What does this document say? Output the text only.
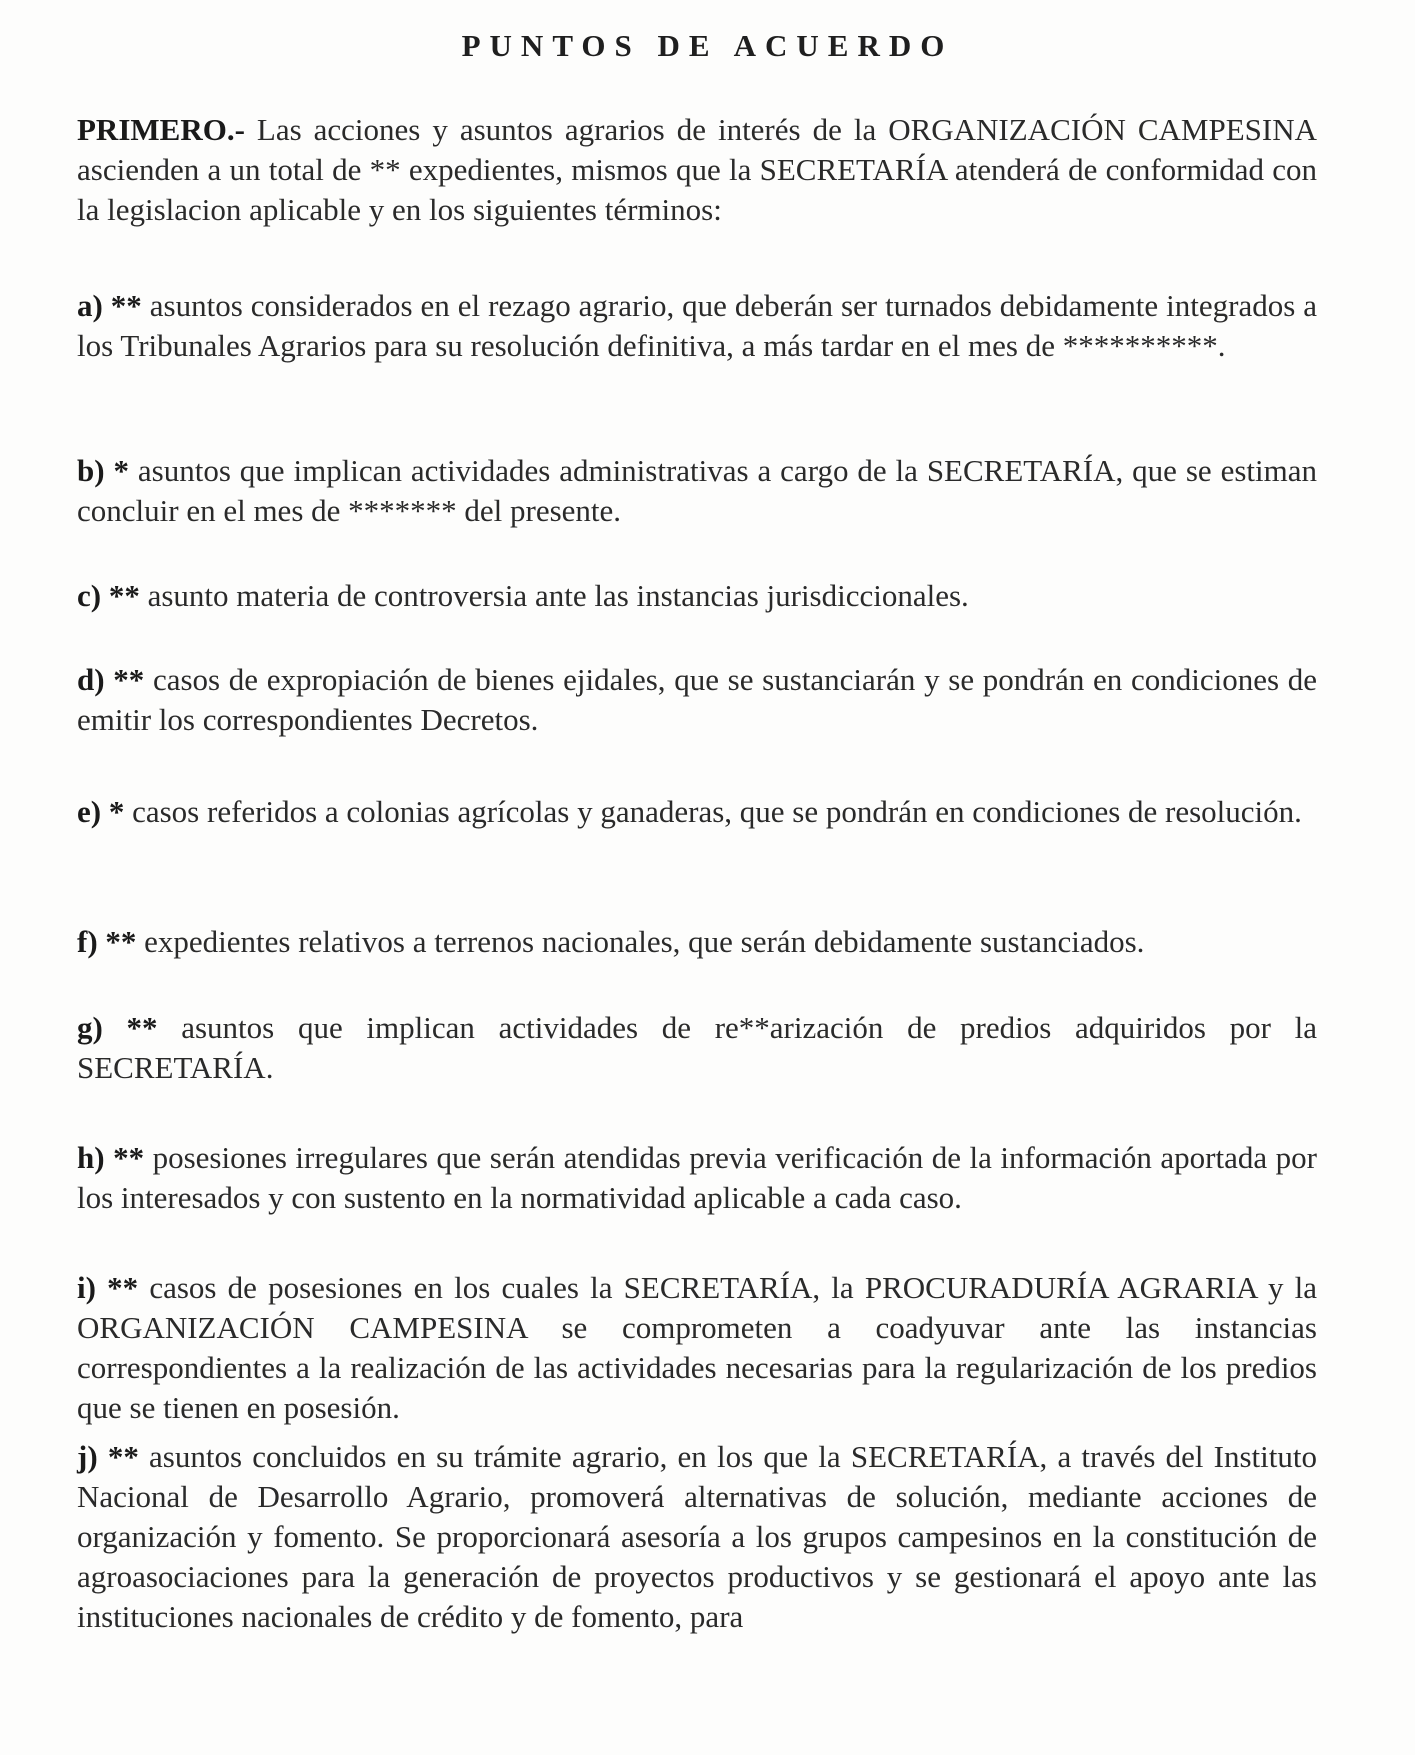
PUNTOS DE ACUERDO

PRIMERO.- Las acciones y asuntos agrarios de interés de la ORGANIZACIÓN CAMPESINA ascienden a un total de ** expedientes, mismos que la SECRETARÍA atenderá de conformidad con la legislacion aplicable y en los siguientes términos:

a) ** asuntos considerados en el rezago agrario, que deberán ser turnados debidamente integrados a los Tribunales Agrarios para su resolución definitiva, a más tardar en el mes de **********.

b) * asuntos que implican actividades administrativas a cargo de la SECRETARÍA, que se estiman concluir en el mes de ******* del presente.

c) ** asunto materia de controversia ante las instancias jurisdiccionales.

d) ** casos de expropiación de bienes ejidales, que se sustanciarán y se pondrán en condiciones de emitir los correspondientes Decretos.

e) * casos referidos a colonias agrícolas y ganaderas, que se pondrán en condiciones de resolución.

f) ** expedientes relativos a terrenos nacionales, que serán debidamente sustanciados.

g) ** asuntos que implican actividades de re**arización de predios adquiridos por la SECRETARÍA.

h) ** posesiones irregulares que serán atendidas previa verificación de la información aportada por los interesados y con sustento en la normatividad aplicable a cada caso.

i) ** casos de posesiones en los cuales la SECRETARÍA, la PROCURADURÍA AGRARIA y la ORGANIZACIÓN CAMPESINA se comprometen a coadyuvar ante las instancias correspondientes a la realización de las actividades necesarias para la regularización de los predios que se tienen en posesión.

j) ** asuntos concluidos en su trámite agrario, en los que la SECRETARÍA, a través del Instituto Nacional de Desarrollo Agrario, promoverá alternativas de solución, mediante acciones de organización y fomento. Se proporcionará asesoría a los grupos campesinos en la constitución de agroasociaciones para la generación de proyectos productivos y se gestionará el apoyo ante las instituciones nacionales de crédito y de fomento, para
